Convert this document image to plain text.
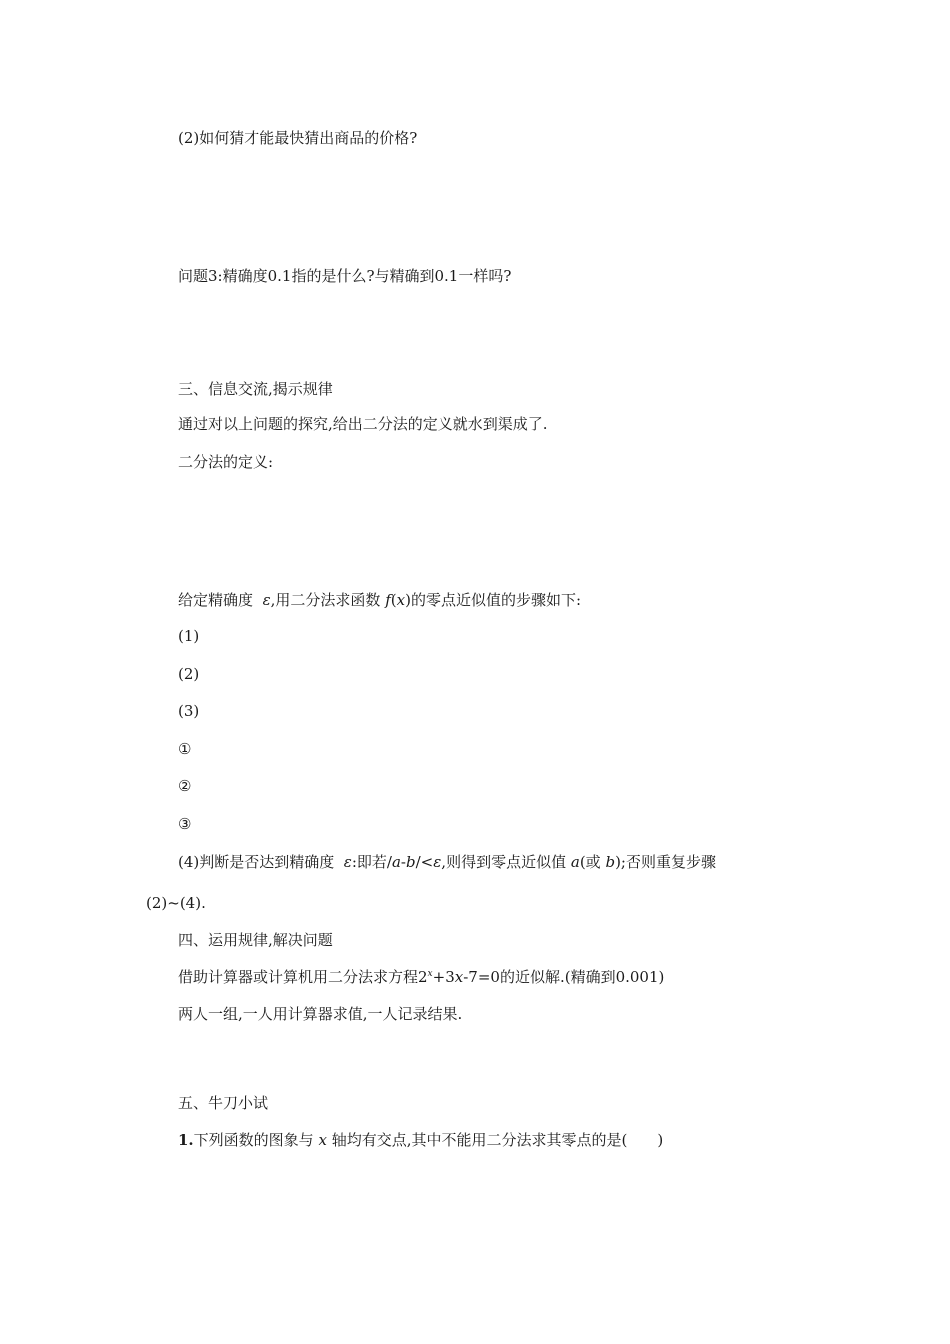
(2)如何猜才能最快猜出商品的价格?
问题3:精确度0.1指的是什么?与精确到0.1一样吗?
三、信息交流,揭示规律
通过对以上问题的探究,给出二分法的定义就水到渠成了.
二分法的定义:
给定精确度 ε,用二分法求函数 f(x)的零点近似值的步骤如下:
(1)
(2)
(3)
①
②
③
(4)判断是否达到精确度 ε:即若/a-b/<ε,则得到零点近似值 a(或 b);否则重复步骤
(2)~(4).
四、运用规律,解决问题
借助计算器或计算机用二分法求方程$2^x+3x-7=0$的近似解.(精确到0.001)
两人一组,一人用计算器求值,一人记录结果.
五、牛刀小试
1.下列函数的图象与 x 轴均有交点,其中不能用二分法求其零点的是(　　)
